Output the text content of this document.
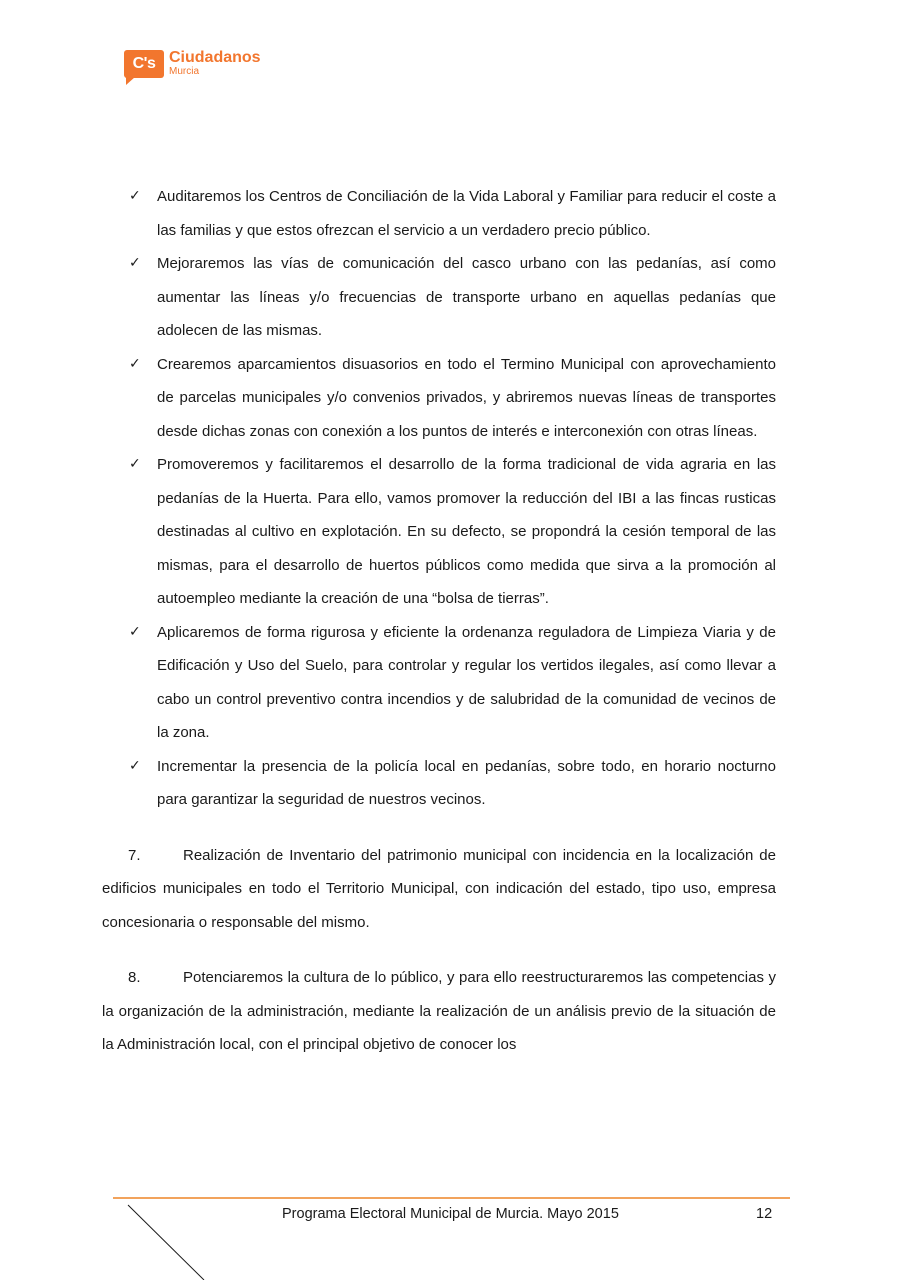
C's Ciudadanos
Murcia
✓ Auditaremos los Centros de Conciliación de la Vida Laboral y Familiar para reducir el coste a las familias y que estos ofrezcan el servicio a un verdadero precio público.
✓ Mejoraremos las vías de comunicación del casco urbano con las pedanías, así como aumentar las líneas y/o frecuencias de transporte urbano en aquellas pedanías que adolecen de las mismas.
✓ Crearemos aparcamientos disuasorios en todo el Termino Municipal con aprovechamiento de parcelas municipales y/o convenios privados, y abriremos nuevas líneas de transportes desde dichas zonas con conexión a los puntos de interés e interconexión con otras líneas.
✓ Promoveremos y facilitaremos el desarrollo de la forma tradicional de vida agraria en las pedanías de la Huerta. Para ello, vamos promover la reducción del IBI a las fincas rusticas destinadas al cultivo en explotación. En su defecto, se propondrá la cesión temporal de las mismas, para el desarrollo de huertos públicos como medida que sirva a la promoción al autoempleo mediante la creación de una “bolsa de tierras”.
✓ Aplicaremos de forma rigurosa y eficiente la ordenanza reguladora de Limpieza Viaria y de Edificación y Uso del Suelo, para controlar y regular los vertidos ilegales, así como llevar a cabo un control preventivo contra incendios y de salubridad de la comunidad de vecinos de la zona.
✓ Incrementar la presencia de la policía local en pedanías, sobre todo, en horario nocturno para garantizar la seguridad de nuestros vecinos.

7.	Realización de Inventario del patrimonio municipal con incidencia en la localización de edificios municipales en todo el Territorio Municipal, con indicación del estado, tipo uso, empresa concesionaria o responsable del mismo.

8.	Potenciaremos la cultura de lo público, y para ello reestructuraremos las competencias y la organización de la administración, mediante la realización de un análisis previo de la situación de la Administración local, con el principal objetivo de conocer los

Programa Electoral Municipal de Murcia. Mayo 2015	12
